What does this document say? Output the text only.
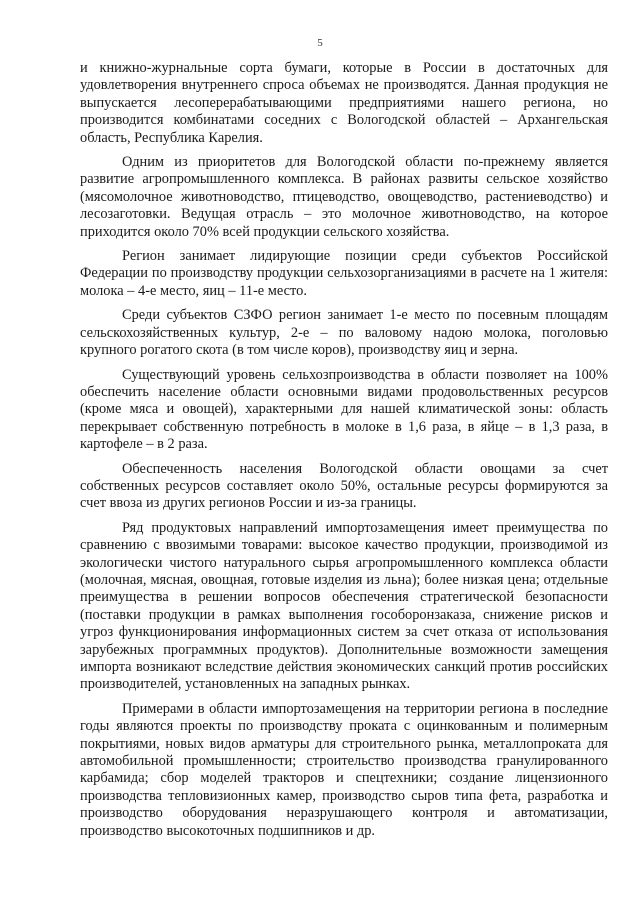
5

и книжно-журнальные сорта бумаги, которые в России в достаточных для удовлетворения внутреннего спроса объемах не производятся. Данная продукция не выпускается лесоперерабатывающими предприятиями нашего региона, но производится комбинатами соседних с Вологодской областей – Архангельская область, Республика Карелия.

Одним из приоритетов для Вологодской области по-прежнему является развитие агропромышленного комплекса. В районах развиты сельское хозяйство (мясомолочное животноводство, птицеводство, овощеводство, растениеводство) и лесозаготовки. Ведущая отрасль – это молочное животноводство, на которое приходится около 70% всей продукции сельского хозяйства.

Регион занимает лидирующие позиции среди субъектов Российской Федерации по производству продукции сельхозорганизациями в расчете на 1 жителя: молока – 4-е место, яиц – 11-е место.

Среди субъектов СЗФО регион занимает 1-е место по посевным площадям сельскохозяйственных культур, 2-е – по валовому надою молока, поголовью крупного рогатого скота (в том числе коров), производству яиц и зерна.

Существующий уровень сельхозпроизводства в области позволяет на 100% обеспечить население области основными видами продовольственных ресурсов (кроме мяса и овощей), характерными для нашей климатической зоны: область перекрывает собственную потребность в молоке в 1,6 раза, в яйце – в 1,3 раза, в картофеле – в 2 раза.

Обеспеченность населения Вологодской области овощами за счет собственных ресурсов составляет около 50%, остальные ресурсы формируются за счет ввоза из других регионов России и из-за границы.

Ряд продуктовых направлений импортозамещения имеет преимущества по сравнению с ввозимыми товарами: высокое качество продукции, производимой из экологически чистого натурального сырья агропромышленного комплекса области (молочная, мясная, овощная, готовые изделия из льна); более низкая цена; отдельные преимущества в решении вопросов обеспечения стратегической безопасности (поставки продукции в рамках выполнения гособоронзаказа, снижение рисков и угроз функционирования информационных систем за счет отказа от использования зарубежных программных продуктов). Дополнительные возможности замещения импорта возникают вследствие действия экономических санкций против российских производителей, установленных на западных рынках.

Примерами в области импортозамещения на территории региона в последние годы являются проекты по производству проката с оцинкованным и полимерным покрытиями, новых видов арматуры для строительного рынка, металлопроката для автомобильной промышленности; строительство производства гранулированного карбамида; сбор моделей тракторов и спецтехники; создание лицензионного производства тепловизионных камер, производство сыров типа фета, разработка и производство оборудования неразрушающего контроля и автоматизации, производство высокоточных подшипников и др.
